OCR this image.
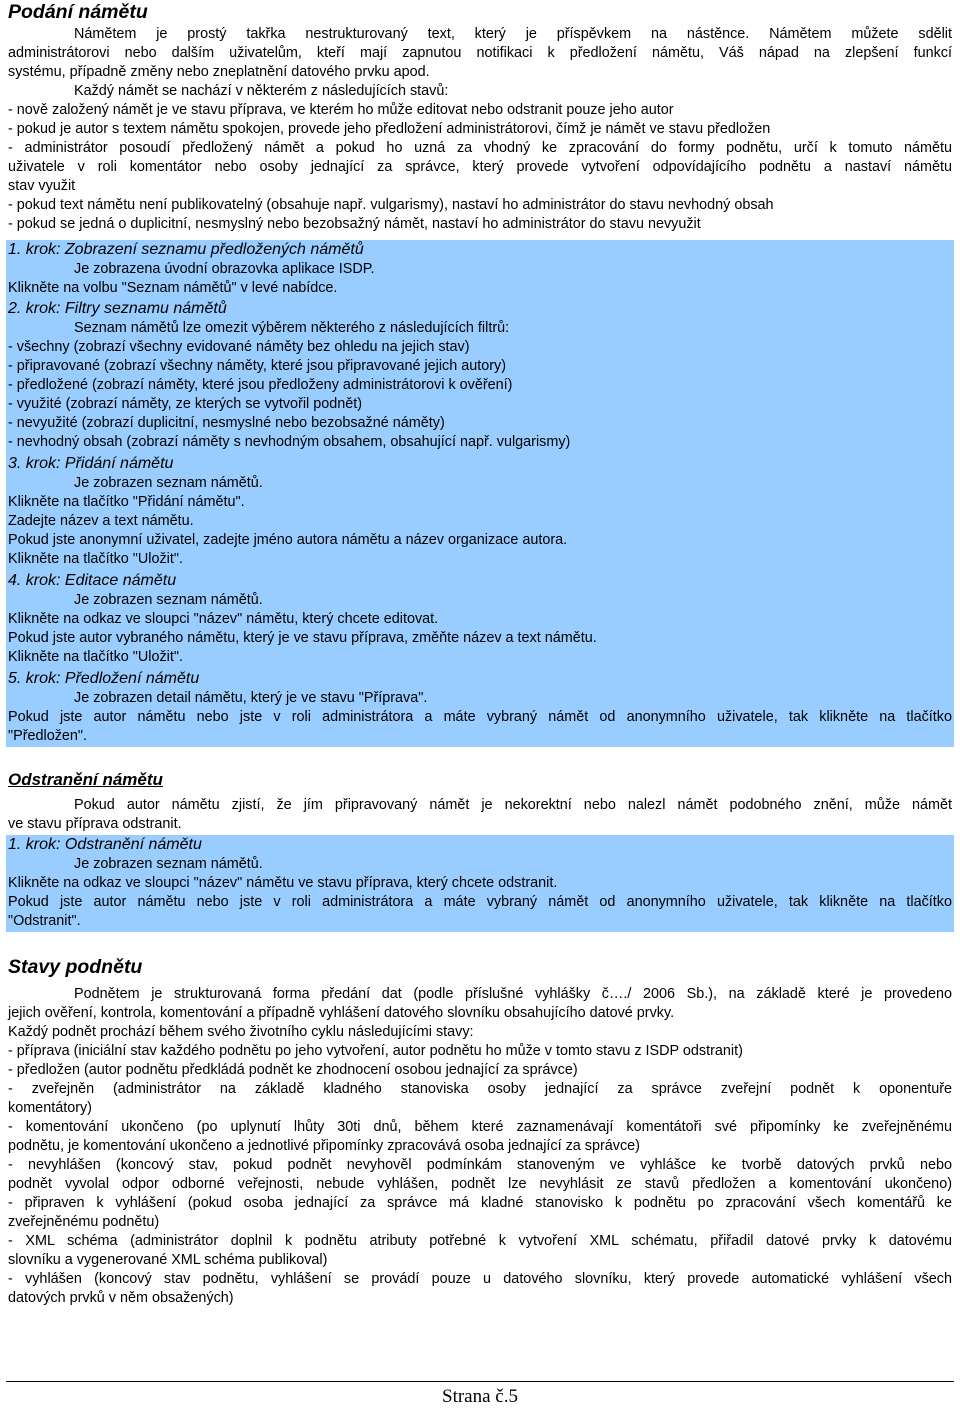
Podání námětu
Námětem je prostý takřka nestrukturovaný text, který je příspěvkem na nástěnce. Námětem můžete sdělit
administrátorovi nebo dalším uživatelům, kteří mají zapnutou notifikaci k předložení námětu, Váš nápad na zlepšení funkcí
systému, případně změny nebo zneplatnění datového prvku apod.
Každý námět se nachází v některém z následujících stavů:
- nově založený námět je ve stavu příprava, ve kterém ho může editovat nebo odstranit pouze jeho autor
- pokud je autor s textem námětu spokojen, provede jeho předložení administrátorovi, čímž je námět ve stavu předložen
- administrátor posoudí předložený námět a pokud ho uzná za vhodný ke zpracování do formy podnětu, určí k tomuto námětu
uživatele v roli komentátor nebo osoby jednající za správce, který provede vytvoření odpovídajícího podnětu a nastaví námětu
stav využit
- pokud text námětu není publikovatelný (obsahuje např. vulgarismy), nastaví ho administrátor do stavu nevhodný obsah
- pokud se jedná o duplicitní, nesmyslný nebo bezobsažný námět, nastaví ho administrátor do stavu nevyužit
1. krok: Zobrazení seznamu předložených námětů
Je zobrazena úvodní obrazovka aplikace ISDP.
Klikněte na volbu "Seznam námětů" v levé nabídce.
2. krok: Filtry seznamu námětů
Seznam námětů lze omezit výběrem některého z následujících filtrů:
- všechny (zobrazí všechny evidované náměty bez ohledu na jejich stav)
- připravované (zobrazí všechny náměty, které jsou připravované jejich autory)
- předložené (zobrazí náměty, které jsou předloženy administrátorovi k ověření)
- využité (zobrazí náměty, ze kterých se vytvořil podnět)
- nevyužité (zobrazí duplicitní, nesmyslné nebo bezobsažné náměty)
- nevhodný obsah (zobrazí náměty s nevhodným obsahem, obsahující např. vulgarismy)
3. krok: Přidání námětu
Je zobrazen seznam námětů.
Klikněte na tlačítko "Přidání námětu".
Zadejte název a text námětu.
Pokud jste anonymní uživatel, zadejte jméno autora námětu a název organizace autora.
Klikněte na tlačítko "Uložit".
4. krok: Editace námětu
Je zobrazen seznam námětů.
Klikněte na odkaz ve sloupci "název" námětu, který chcete editovat.
Pokud jste autor vybraného námětu, který je ve stavu příprava, změňte název a text námětu.
Klikněte na tlačítko "Uložit".
5. krok: Předložení námětu
Je zobrazen detail námětu, který je ve stavu "Příprava".
Pokud jste autor námětu nebo jste v roli administrátora a máte vybraný námět od anonymního uživatele, tak klikněte na tlačítko
"Předložen".
Odstranění námětu
Pokud autor námětu zjistí, že jím připravovaný námět je nekorektní nebo nalezl námět podobného znění, může námět
ve stavu příprava odstranit.
1. krok: Odstranění námětu
Je zobrazen seznam námětů.
Klikněte na odkaz ve sloupci "název" námětu ve stavu příprava, který chcete odstranit.
Pokud jste autor námětu nebo jste v roli administrátora a máte vybraný námět od anonymního uživatele, tak klikněte na tlačítko
"Odstranit".
Stavy podnětu
Podnětem je strukturovaná forma předání dat (podle příslušné vyhlášky č…./ 2006 Sb.), na základě které je provedeno
jejich ověření, kontrola, komentování a případně vyhlášení datového slovníku obsahujícího datové prvky.
Každý podnět prochází během svého životního cyklu následujícími stavy:
- příprava (iniciální stav každého podnětu po jeho vytvoření, autor podnětu ho může v tomto stavu z ISDP odstranit)
- předložen (autor podnětu předkládá podnět ke zhodnocení osobou jednající za správce)
- zveřejněn (administrátor na základě kladného stanoviska osoby jednající za správce zveřejní podnět k oponentuře
komentátory)
- komentování ukončeno (po uplynutí lhůty 30ti dnů, během které zaznamenávají komentátoři své připomínky ke zveřejněnému
podnětu, je komentování ukončeno a jednotlivé připomínky zpracovává osoba jednající za správce)
- nevyhlášen (koncový stav, pokud podnět nevyhověl podmínkám stanoveným ve vyhlášce ke tvorbě datových prvků nebo
podnět vyvolal odpor odborné veřejnosti, nebude vyhlášen, podnět lze nevyhlásit ze stavů předložen a komentování ukončeno)
- připraven k vyhlášení (pokud osoba jednající za správce má kladné stanovisko k podnětu po zpracování všech komentářů ke
zveřejněnému podnětu)
- XML schéma (administrátor doplnil k podnětu atributy potřebné k vytvoření XML schématu, přiřadil datové prvky k datovému
slovníku a vygenerované XML schéma publikoval)
- vyhlášen (koncový stav podnětu, vyhlášení se provádí pouze u datového slovníku, který provede automatické vyhlášení všech
datových prvků v něm obsažených)
Strana č.5
